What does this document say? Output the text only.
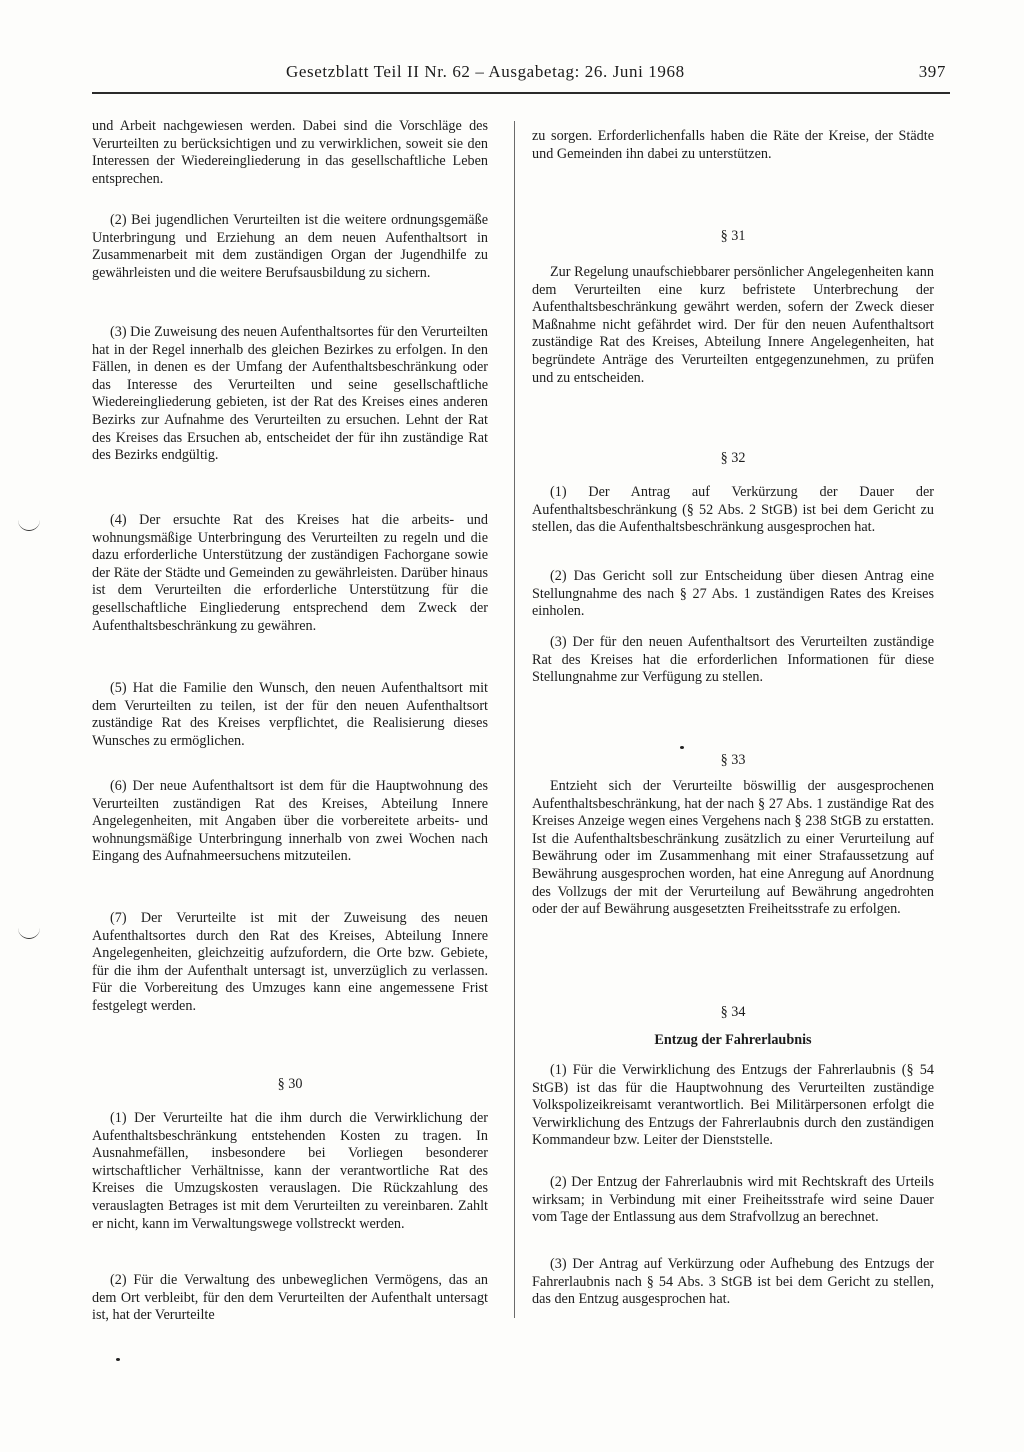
Gesetzblatt Teil II Nr. 62 – Ausgabetag: 26. Juni 1968	397

und Arbeit nachgewiesen werden. Dabei sind die Vorschläge des Verurteilten zu berücksichtigen und zu verwirklichen, soweit sie den Interessen der Wiedereingliederung in das gesellschaftliche Leben entsprechen.

(2) Bei jugendlichen Verurteilten ist die weitere ordnungsgemäße Unterbringung und Erziehung an dem neuen Aufenthaltsort in Zusammenarbeit mit dem zuständigen Organ der Jugendhilfe zu gewährleisten und die weitere Berufsausbildung zu sichern.

(3) Die Zuweisung des neuen Aufenthaltsortes für den Verurteilten hat in der Regel innerhalb des gleichen Bezirkes zu erfolgen. In den Fällen, in denen es der Umfang der Aufenthaltsbeschränkung oder das Interesse des Verurteilten und seine gesellschaftliche Wiedereingliederung gebieten, ist der Rat des Kreises eines anderen Bezirks zur Aufnahme des Verurteilten zu ersuchen. Lehnt der Rat des Kreises das Ersuchen ab, entscheidet der für ihn zuständige Rat des Bezirks endgültig.

(4) Der ersuchte Rat des Kreises hat die arbeits- und wohnungsmäßige Unterbringung des Verurteilten zu regeln und die dazu erforderliche Unterstützung der zuständigen Fachorgane sowie der Räte der Städte und Gemeinden zu gewährleisten. Darüber hinaus ist dem Verurteilten die erforderliche Unterstützung für die gesellschaftliche Eingliederung entsprechend dem Zweck der Aufenthaltsbeschränkung zu gewähren.

(5) Hat die Familie den Wunsch, den neuen Aufenthaltsort mit dem Verurteilten zu teilen, ist der für den neuen Aufenthaltsort zuständige Rat des Kreises verpflichtet, die Realisierung dieses Wunsches zu ermöglichen.

(6) Der neue Aufenthaltsort ist dem für die Hauptwohnung des Verurteilten zuständigen Rat des Kreises, Abteilung Innere Angelegenheiten, mit Angaben über die vorbereitete arbeits- und wohnungsmäßige Unterbringung innerhalb von zwei Wochen nach Eingang des Aufnahmeersuchens mitzuteilen.

(7) Der Verurteilte ist mit der Zuweisung des neuen Aufenthaltsortes durch den Rat des Kreises, Abteilung Innere Angelegenheiten, gleichzeitig aufzufordern, die Orte bzw. Gebiete, für die ihm der Aufenthalt untersagt ist, unverzüglich zu verlassen. Für die Vorbereitung des Umzuges kann eine angemessene Frist festgelegt werden.

§ 30

(1) Der Verurteilte hat die ihm durch die Verwirklichung der Aufenthaltsbeschränkung entstehenden Kosten zu tragen. In Ausnahmefällen, insbesondere bei Vorliegen besonderer wirtschaftlicher Verhältnisse, kann der verantwortliche Rat des Kreises die Umzugskosten verauslagen. Die Rückzahlung des verauslagten Betrages ist mit dem Verurteilten zu vereinbaren. Zahlt er nicht, kann im Verwaltungswege vollstreckt werden.

(2) Für die Verwaltung des unbeweglichen Vermögens, das an dem Ort verbleibt, für den dem Verurteilten der Aufenthalt untersagt ist, hat der Verurteilte

zu sorgen. Erforderlichenfalls haben die Räte der Kreise, der Städte und Gemeinden ihn dabei zu unterstützen.

§ 31

Zur Regelung unaufschiebbarer persönlicher Angelegenheiten kann dem Verurteilten eine kurz befristete Unterbrechung der Aufenthaltsbeschränkung gewährt werden, sofern der Zweck dieser Maßnahme nicht gefährdet wird. Der für den neuen Aufenthaltsort zuständige Rat des Kreises, Abteilung Innere Angelegenheiten, hat begründete Anträge des Verurteilten entgegenzunehmen, zu prüfen und zu entscheiden.

§ 32

(1) Der Antrag auf Verkürzung der Dauer der Aufenthaltsbeschränkung (§ 52 Abs. 2 StGB) ist bei dem Gericht zu stellen, das die Aufenthaltsbeschränkung ausgesprochen hat.

(2) Das Gericht soll zur Entscheidung über diesen Antrag eine Stellungnahme des nach § 27 Abs. 1 zuständigen Rates des Kreises einholen.

(3) Der für den neuen Aufenthaltsort des Verurteilten zuständige Rat des Kreises hat die erforderlichen Informationen für diese Stellungnahme zur Verfügung zu stellen.

§ 33

Entzieht sich der Verurteilte böswillig der ausgesprochenen Aufenthaltsbeschränkung, hat der nach § 27 Abs. 1 zuständige Rat des Kreises Anzeige wegen eines Vergehens nach § 238 StGB zu erstatten. Ist die Aufenthaltsbeschränkung zusätzlich zu einer Verurteilung auf Bewährung oder im Zusammenhang mit einer Strafaussetzung auf Bewährung ausgesprochen worden, hat eine Anregung auf Anordnung des Vollzugs der mit der Verurteilung auf Bewährung angedrohten oder der auf Bewährung ausgesetzten Freiheitsstrafe zu erfolgen.

§ 34
Entzug der Fahrerlaubnis

(1) Für die Verwirklichung des Entzugs der Fahrerlaubnis (§ 54 StGB) ist das für die Hauptwohnung des Verurteilten zuständige Volkspolizeikreisamt verantwortlich. Bei Militärpersonen erfolgt die Verwirklichung des Entzugs der Fahrerlaubnis durch den zuständigen Kommandeur bzw. Leiter der Dienststelle.

(2) Der Entzug der Fahrerlaubnis wird mit Rechtskraft des Urteils wirksam; in Verbindung mit einer Freiheitsstrafe wird seine Dauer vom Tage der Entlassung aus dem Strafvollzug an berechnet.

(3) Der Antrag auf Verkürzung oder Aufhebung des Entzugs der Fahrerlaubnis nach § 54 Abs. 3 StGB ist bei dem Gericht zu stellen, das den Entzug ausgesprochen hat.
